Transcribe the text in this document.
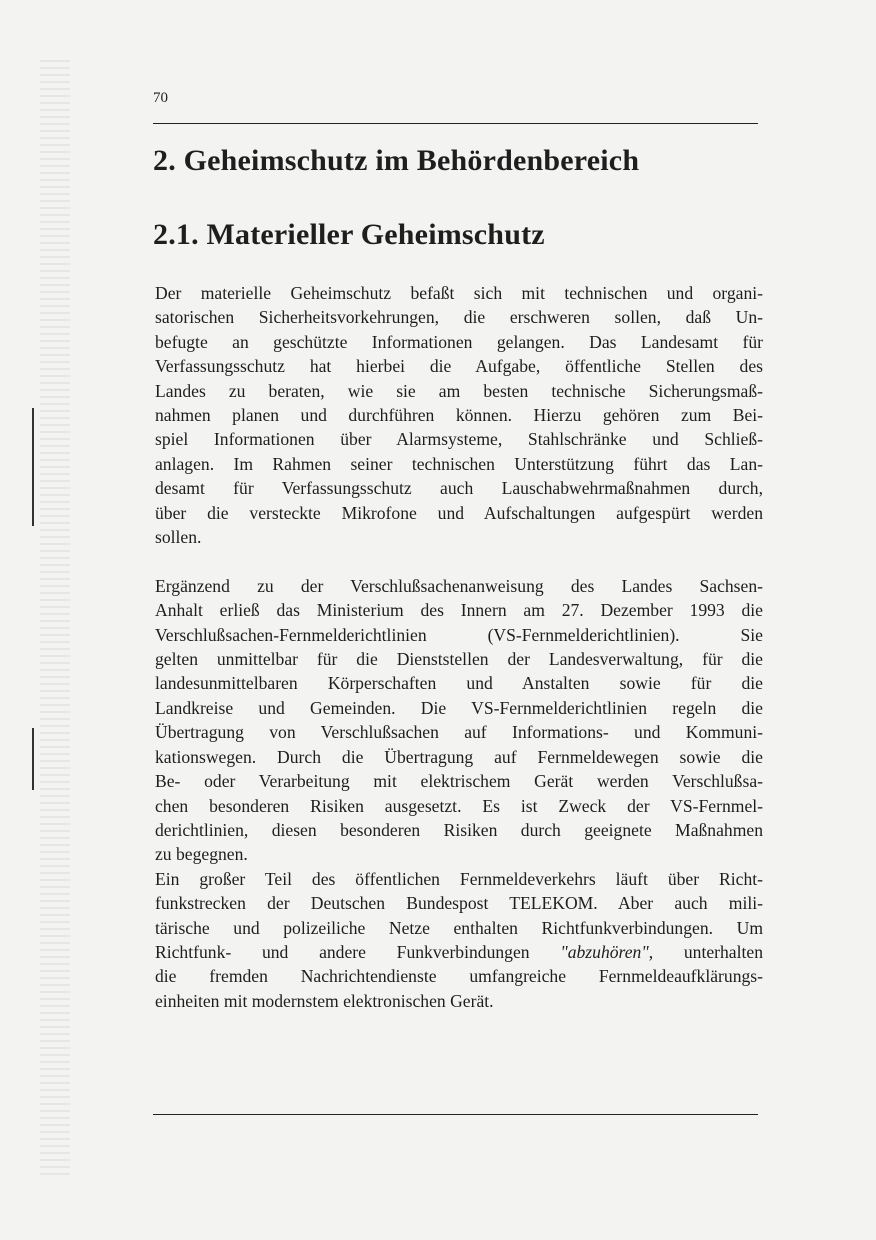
70
2. Geheimschutz im Behördenbereich
2.1. Materieller Geheimschutz

Der materielle Geheimschutz befaßt sich mit technischen und organi-
satorischen Sicherheitsvorkehrungen, die erschweren sollen, daß Un-
befugte an geschützte Informationen gelangen. Das Landesamt für
Verfassungsschutz hat hierbei die Aufgabe, öffentliche Stellen des
Landes zu beraten, wie sie am besten technische Sicherungsmaß-
nahmen planen und durchführen können. Hierzu gehören zum Bei-
spiel Informationen über Alarmsysteme, Stahlschränke und Schließ-
anlagen. Im Rahmen seiner technischen Unterstützung führt das Lan-
desamt für Verfassungsschutz auch Lauschabwehrmaßnahmen durch,
über die versteckte Mikrofone und Aufschaltungen aufgespürt werden
sollen.

Ergänzend zu der Verschlußsachenanweisung des Landes Sachsen-
Anhalt erließ das Ministerium des Innern am 27. Dezember 1993 die
Verschlußsachen-Fernmelderichtlinien (VS-Fernmelderichtlinien). Sie
gelten unmittelbar für die Dienststellen der Landesverwaltung, für die
landesunmittelbaren Körperschaften und Anstalten sowie für die
Landkreise und Gemeinden. Die VS-Fernmelderichtlinien regeln die
Übertragung von Verschlußsachen auf Informations- und Kommuni-
kationswegen. Durch die Übertragung auf Fernmeldewegen sowie die
Be- oder Verarbeitung mit elektrischem Gerät werden Verschlußsa-
chen besonderen Risiken ausgesetzt. Es ist Zweck der VS-Fernmel-
derichtlinien, diesen besonderen Risiken durch geeignete Maßnahmen
zu begegnen.

Ein großer Teil des öffentlichen Fernmeldeverkehrs läuft über Richt-
funkstrecken der Deutschen Bundespost TELEKOM. Aber auch mili-
tärische und polizeiliche Netze enthalten Richtfunkverbindungen. Um
Richtfunk- und andere Funkverbindungen "abzuhören", unterhalten
die fremden Nachrichtendienste umfangreiche Fernmeldeaufklärungs-
einheiten mit modernstem elektronischen Gerät.
